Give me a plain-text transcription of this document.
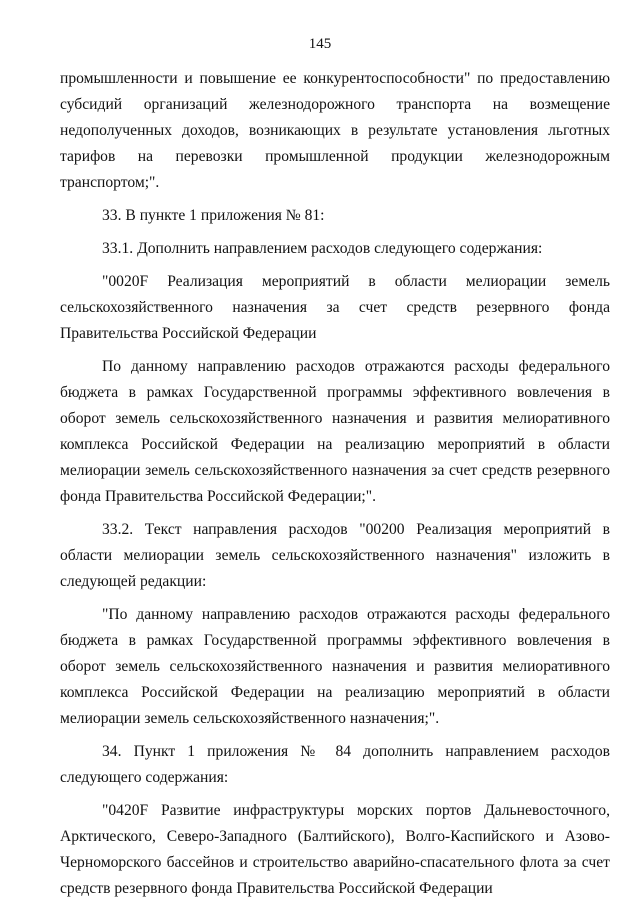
145

промышленности и повышение ее конкурентоспособности" по предоставлению субсидий организаций железнодорожного транспорта на возмещение недополученных доходов, возникающих в результате установления льготных тарифов на перевозки промышленной продукции железнодорожным транспортом;".

33. В пункте 1 приложения № 81:

33.1. Дополнить направлением расходов следующего содержания:

"0020F Реализация мероприятий в области мелиорации земель сельскохозяйственного назначения за счет средств резервного фонда Правительства Российской Федерации

По данному направлению расходов отражаются расходы федерального бюджета в рамках Государственной программы эффективного вовлечения в оборот земель сельскохозяйственного назначения и развития мелиоративного комплекса Российской Федерации на реализацию мероприятий в области мелиорации земель сельскохозяйственного назначения за счет средств резервного фонда Правительства Российской Федерации;".

33.2. Текст направления расходов "00200 Реализация мероприятий в области мелиорации земель сельскохозяйственного назначения" изложить в следующей редакции:

"По данному направлению расходов отражаются расходы федерального бюджета в рамках Государственной программы эффективного вовлечения в оборот земель сельскохозяйственного назначения и развития мелиоративного комплекса Российской Федерации на реализацию мероприятий в области мелиорации земель сельскохозяйственного назначения;".

34. Пункт 1 приложения № 84 дополнить направлением расходов следующего содержания:

"0420F Развитие инфраструктуры морских портов Дальневосточного, Арктического, Северо-Западного (Балтийского), Волго-Каспийского и Азово-Черноморского бассейнов и строительство аварийно-спасательного флота за счет средств резервного фонда Правительства Российской Федерации
